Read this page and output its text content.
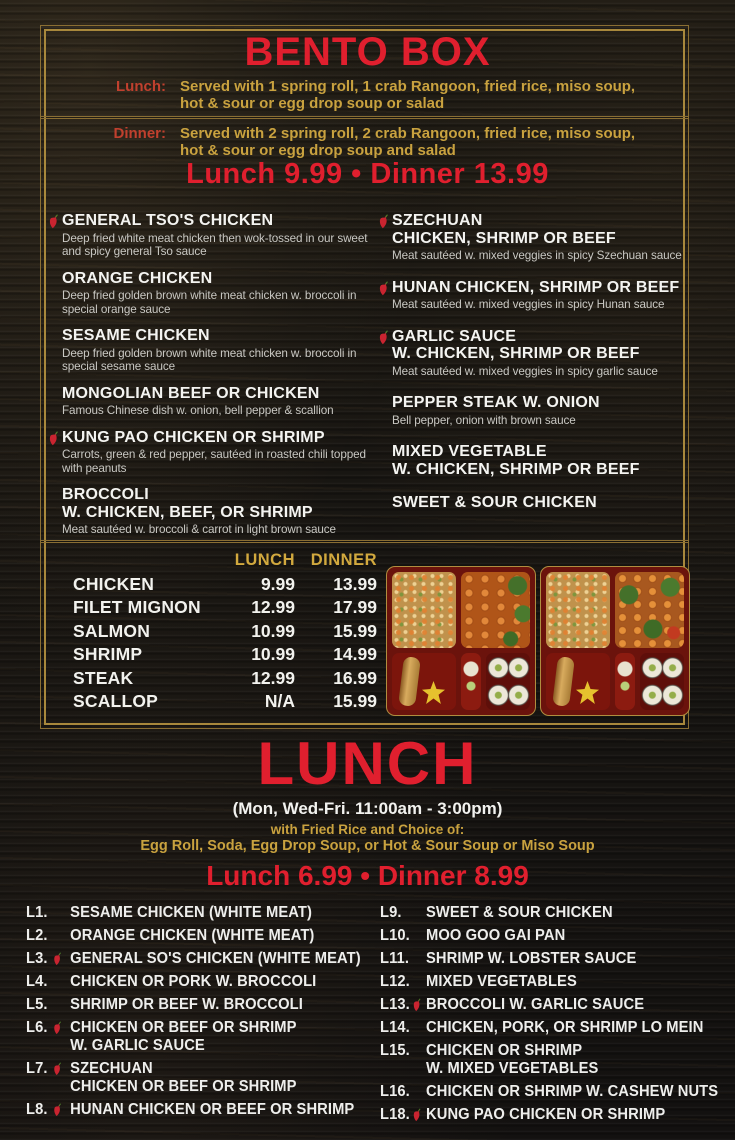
BENTO BOX
Lunch: Served with 1 spring roll, 1 crab Rangoon, fried rice, miso soup, hot & sour or egg drop soup or salad
Dinner: Served with 2 spring roll, 2 crab Rangoon, fried rice, miso soup, hot & sour or egg drop soup and salad
Lunch 9.99 • Dinner 13.99
GENERAL TSO'S CHICKEN
Deep fried white meat chicken then wok-tossed in our sweet and spicy general Tso sauce
ORANGE CHICKEN
Deep fried golden brown white meat chicken w. broccoli in special orange sauce
SESAME CHICKEN
Deep fried golden brown white meat chicken w. broccoli in special sesame sauce
MONGOLIAN BEEF OR CHICKEN
Famous Chinese dish w. onion, bell pepper & scallion
KUNG PAO CHICKEN OR SHRIMP
Carrots, green & red pepper, sautéed in roasted chili topped with peanuts
BROCCOLI
W. CHICKEN, BEEF, OR SHRIMP
Meat sautéed w. broccoli & carrot in light brown sauce
SZECHUAN
CHICKEN, SHRIMP OR BEEF
Meat sautéed w. mixed veggies in spicy Szechuan sauce
HUNAN CHICKEN, SHRIMP OR BEEF
Meat sautéed w. mixed veggies in spicy Hunan sauce
GARLIC SAUCE
W. CHICKEN, SHRIMP OR BEEF
Meat sautéed w. mixed veggies in spicy garlic sauce
PEPPER STEAK W. ONION
Bell pepper, onion with brown sauce
MIXED VEGETABLE
W. CHICKEN, SHRIMP OR BEEF
SWEET & SOUR CHICKEN
LUNCH DINNER
CHICKEN	9.99	13.99
FILET MIGNON	12.99	17.99
SALMON	10.99	15.99
SHRIMP	10.99	14.99
STEAK	12.99	16.99
SCALLOP	N/A	15.99
LUNCH
(Mon, Wed-Fri. 11:00am - 3:00pm)
with Fried Rice and Choice of:
Egg Roll, Soda, Egg Drop Soup, or Hot & Sour Soup or Miso Soup
Lunch 6.99 • Dinner 8.99
L1.	SESAME CHICKEN (WHITE MEAT)
L2.	ORANGE CHICKEN (WHITE MEAT)
L3.	GENERAL SO'S CHICKEN (WHITE MEAT)
L4.	CHICKEN OR PORK W. BROCCOLI
L5.	SHRIMP OR BEEF W. BROCCOLI
L6.	CHICKEN OR BEEF OR SHRIMP
W. GARLIC SAUCE
L7.	SZECHUAN
CHICKEN OR BEEF OR SHRIMP
L8.	HUNAN CHICKEN OR BEEF OR SHRIMP
L9.	SWEET & SOUR CHICKEN
L10.	MOO GOO GAI PAN
L11.	SHRIMP W. LOBSTER SAUCE
L12.	MIXED VEGETABLES
L13.	BROCCOLI W. GARLIC SAUCE
L14.	CHICKEN, PORK, OR SHRIMP LO MEIN
L15.	CHICKEN OR SHRIMP
W. MIXED VEGETABLES
L16.	CHICKEN OR SHRIMP W. CASHEW NUTS
L18.	KUNG PAO CHICKEN OR SHRIMP
